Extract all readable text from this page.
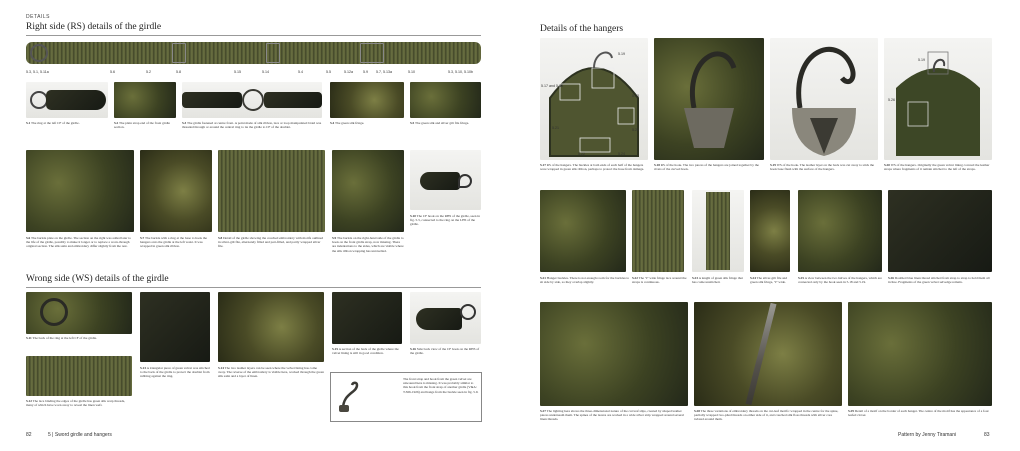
DETAILS
Right side (RS) details of the girdle
5.3, 5.1, 5.11a	5.6	5.2	5.8	5.15	5.14	5.4	5.5	5.12a	5.9 5.7, 5.13a	5.10	5.3, 5.10, 5.10b
5.1 The ring at the left CF of the girdle.	5.2 The plain strap end of the front girdle section.
5.3 The girdle fastened at centre front. A point made of silk ribbon, lace or loop manipulated braid was threaded through or around the central ring to tie the girdle to CF of the doublet.
5.4 The green silk fringe.	5.5 The green silk and silver gilt file fringe.
5.6 The buckle plate on the girdle. The section on the right was added later to the life of the girdle, possibly to make it longer or to replace a worn-through original section. The silk satin and embroidery differ slightly from the rest.
5.7 The buckle with a ring at the base to hook the hangers onto the girdle at the left waist. It was wrapped in green silk ribbon.
5.8 Detail of the girdle showing the couched embroidery with motifs outlined in silver-gilt file, alternately filled and part-filled, and partly wrapped silver file.
5.9 The buckle on the right-hand side of the girdle to hook on the front girdle strap, now missing. There are indentations to the sides, which are visible where the silk ribbon wrapping has unravelled.
5.10 The CF hook on the RHS of the girdle, seen in fig. 5.3, connected to the ring on the LHS of the girdle.
Wrong side (WS) details of the girdle
5.11 The back of the ring at the left CF of the girdle.
5.13 A triangular piece of green velvet was stitched to the back of the girdle to protect the doublet from rubbing against the ring.
5.14 The two leather layers can be seen where the velvet lining has come away. The reverse of the embroidery is visible here, worked through the green silk satin and a layer of linen.
5.15 A section of the back of the girdle where the velvet lining is still in good condition.
5.16 Side back view of the CF hook on the RHS of the girdle.
5.12 The lace binding the edges of the girdle has green silk warp threads, many of which have worn away to reveal the linen weft.
The front strap and hook from the green velvet are unwound here is missing. It was probably similar to this hook from the front strap of another girdle (V&A: T.366-1926) and hangs from the buckle seen in fig. 5.9.
82	5 | Sword girdle and hangers
Details of the hangers
5.17 and 5.18
5.19
5.21
5.22
5.23
5.25
5.24
5.19
5.26
5.17 RS of the hangers. The buckles at both ends of each half of the hangers were wrapped in green silk ribbon, perhaps to protect the hose from damage.
5.18 RS of the hook. The two pieces of the hangers are joined together by the rivets of the curved hook.
5.19 WS of the hook. The leather layer on the back was cut away to stick the hook base flush with the surface of the hangers.
5.20 WS of the hangers. Originally the green velvet lining covered the leather straps where fragments of it remain stitched to the left of the straps.
5.21 Hanger buckles. There is not enough room for the buckles to sit side by side, so they overlap slightly.
5.22 The 'V' wide fringe lace around the straps is continuous.
5.23 A length of green silk fringe that has come unstitched.
5.24 The silver-gilt file and green silk fringe, 'V' wide.
5.25 A view between the two halves of the hangers, which are connected only by the hook seen in 5.18 and 5.19.
5.26 Doubled blue linen thread stitched from strap to strap to hold them all in line. Fragments of the green velvet selvedge remain.
5.27 The lighting here shows the three-dimensional nature of the cut leaf slips, created by shaped leather pieces underneath them. The spines of the leaves are worked in a wide silver strip wrapped around several linen threads.
5.28 The three variations of embroidery threads on the cut-leaf motifs: wrapped in the centre for the spine, partially wrapped two-plied threads on either side of it, and couched silk floss threads with silver core twisted around them.
5.29 Detail of a motif on the border of each hanger. The centre of the motif has the appearance of a four leafed clover.
Pattern by Jenny Tiramani	83
